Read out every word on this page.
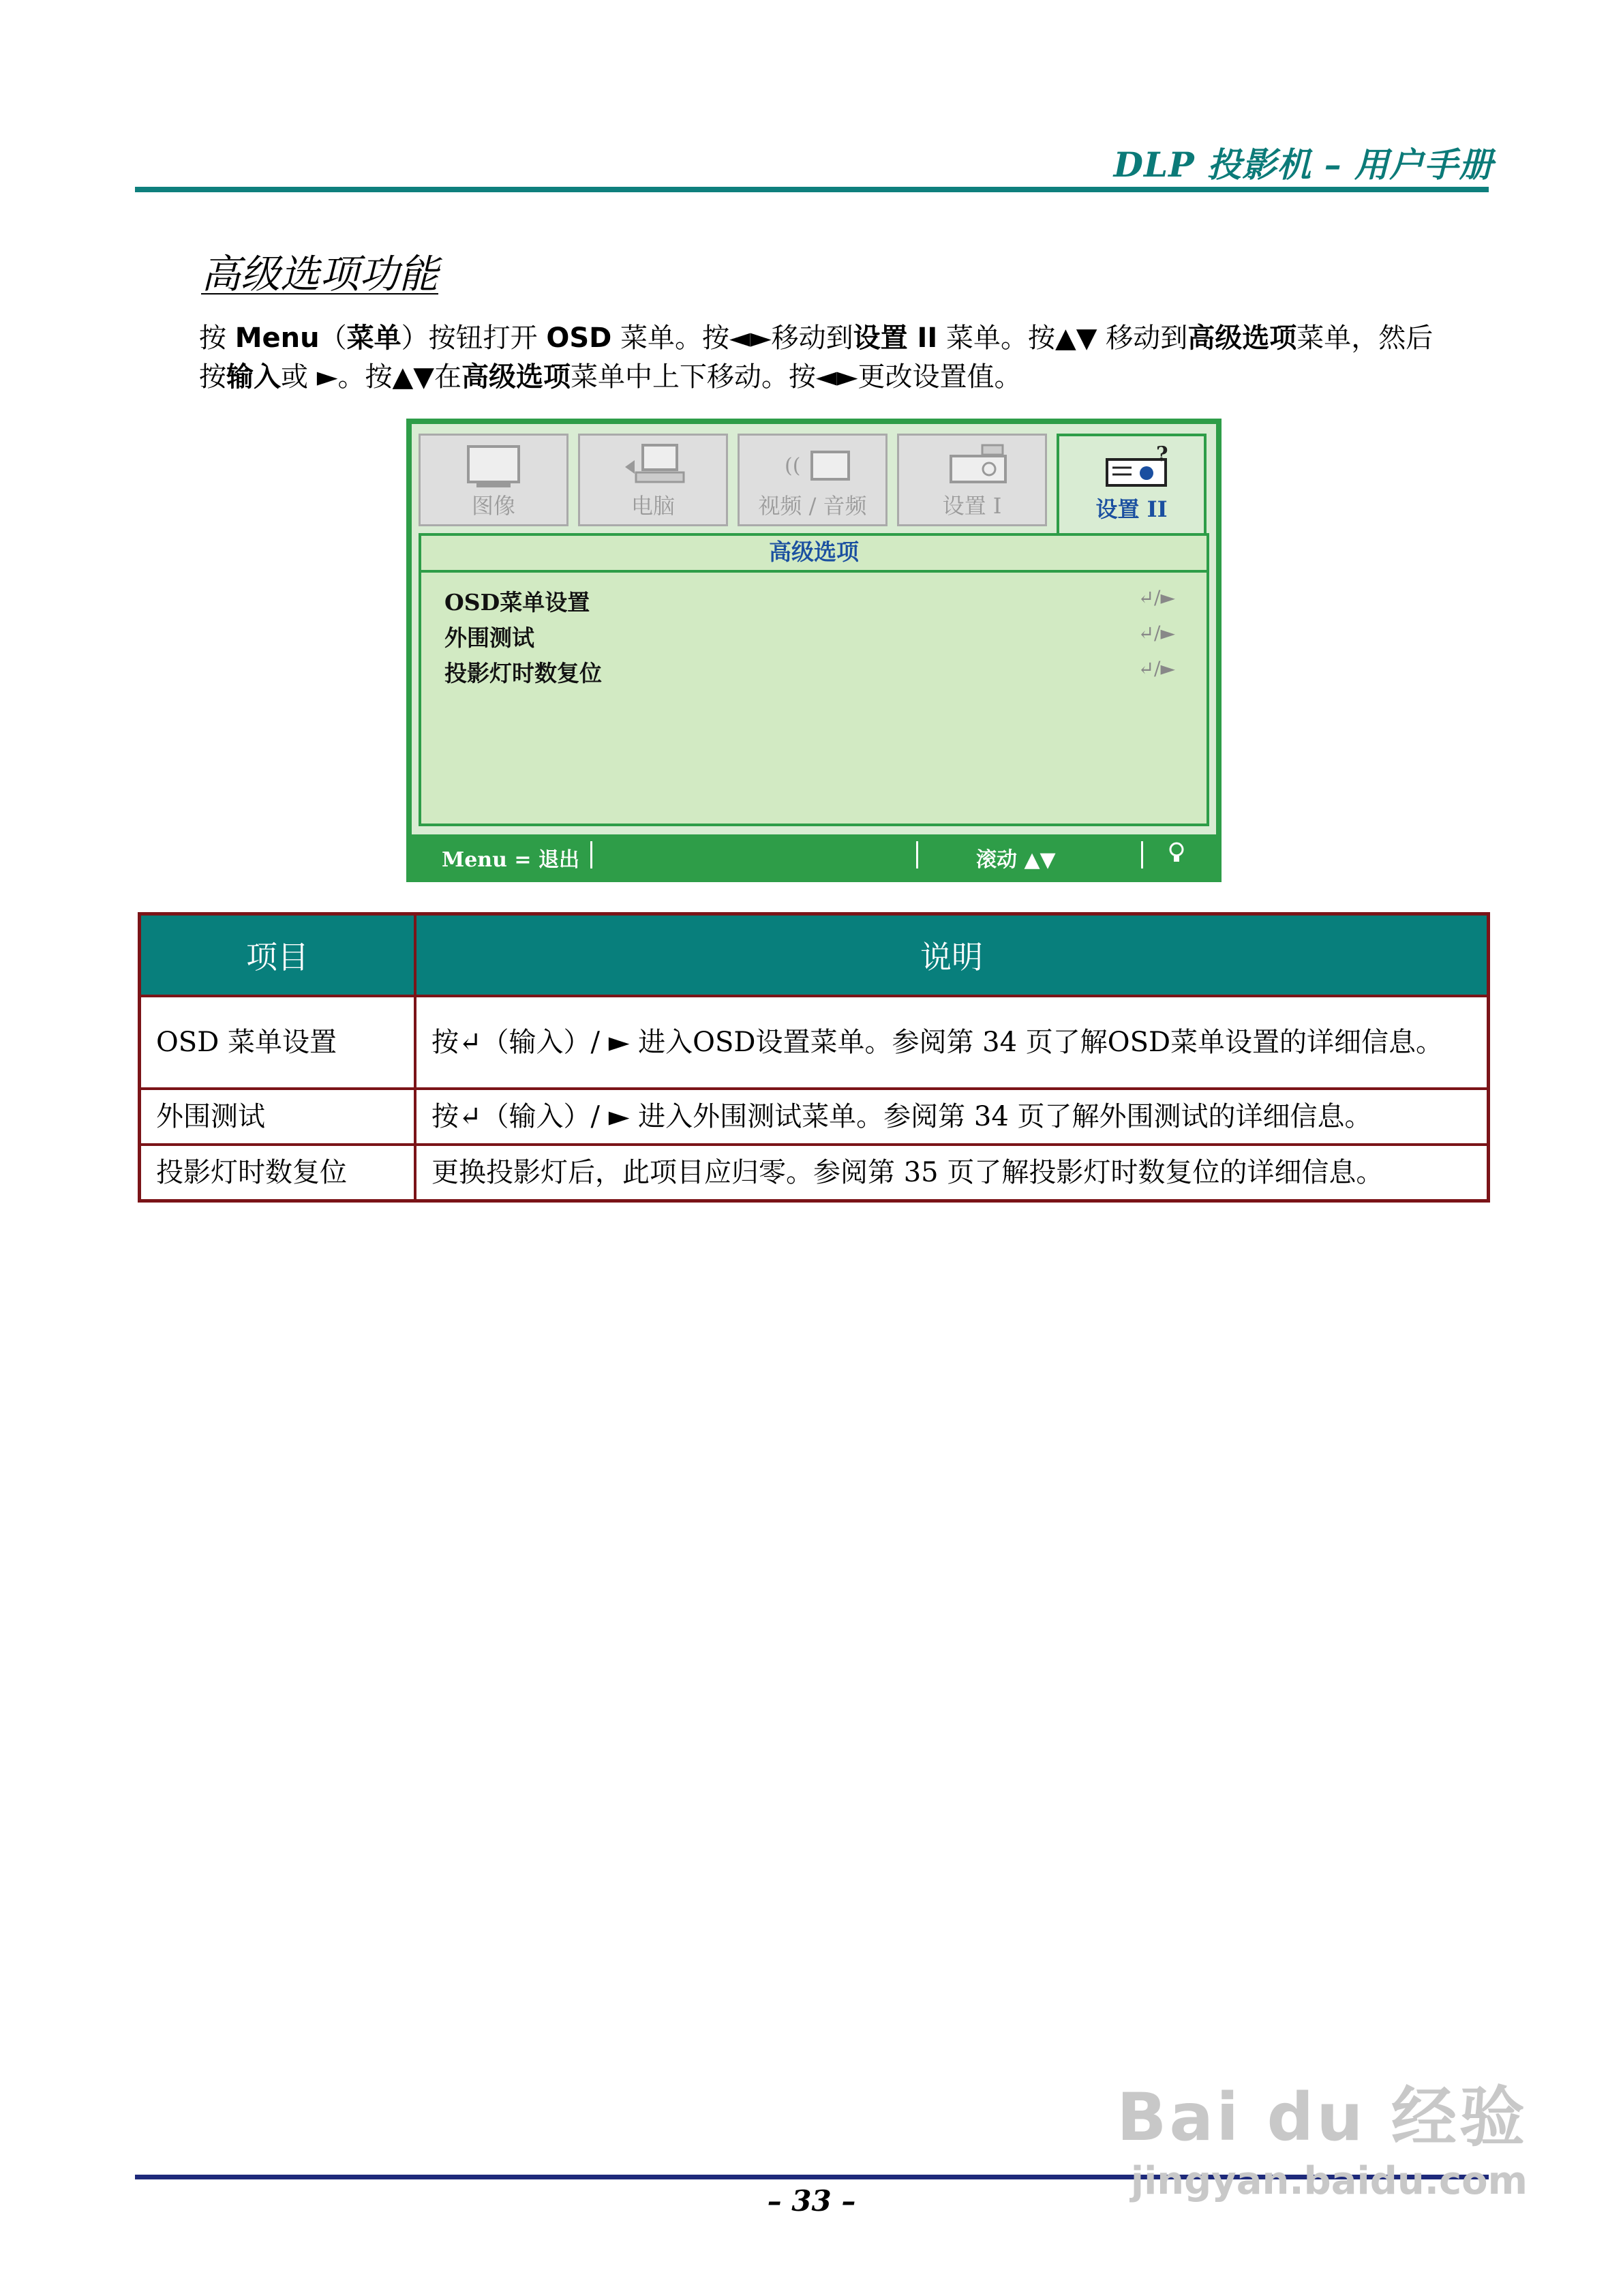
DLP 投影机 – 用户手册
高级选项功能
按 Menu（菜单）按钮打开 OSD 菜单。按◄►移动到设置 II 菜单。按▲▼ 移动到高级选项菜单，然后
按输入或 ►。按▲▼在高级选项菜单中上下移动。按◄►更改设置值。
图像	电脑
((
视频 / 音频	设置 I
?
设置 II
高级选项
OSD菜单设置	↵/►
外围测试	↵/►
投影灯时数复位	↵/►
Menu = 退出	滚动 ▲▼
项目	说明
OSD 菜单设置	按↵（输入）/ ► 进入OSD设置菜单。参阅第 34 页了解OSD菜单设置的详细信息。
外围测试	按↵（输入）/ ► 进入外围测试菜单。参阅第 34 页了解外围测试的详细信息。
投影灯时数复位	更换投影灯后，此项目应归零。参阅第 35 页了解投影灯时数复位的详细信息。
– 33 –
Bai du 经验
jingyan.baidu.com
